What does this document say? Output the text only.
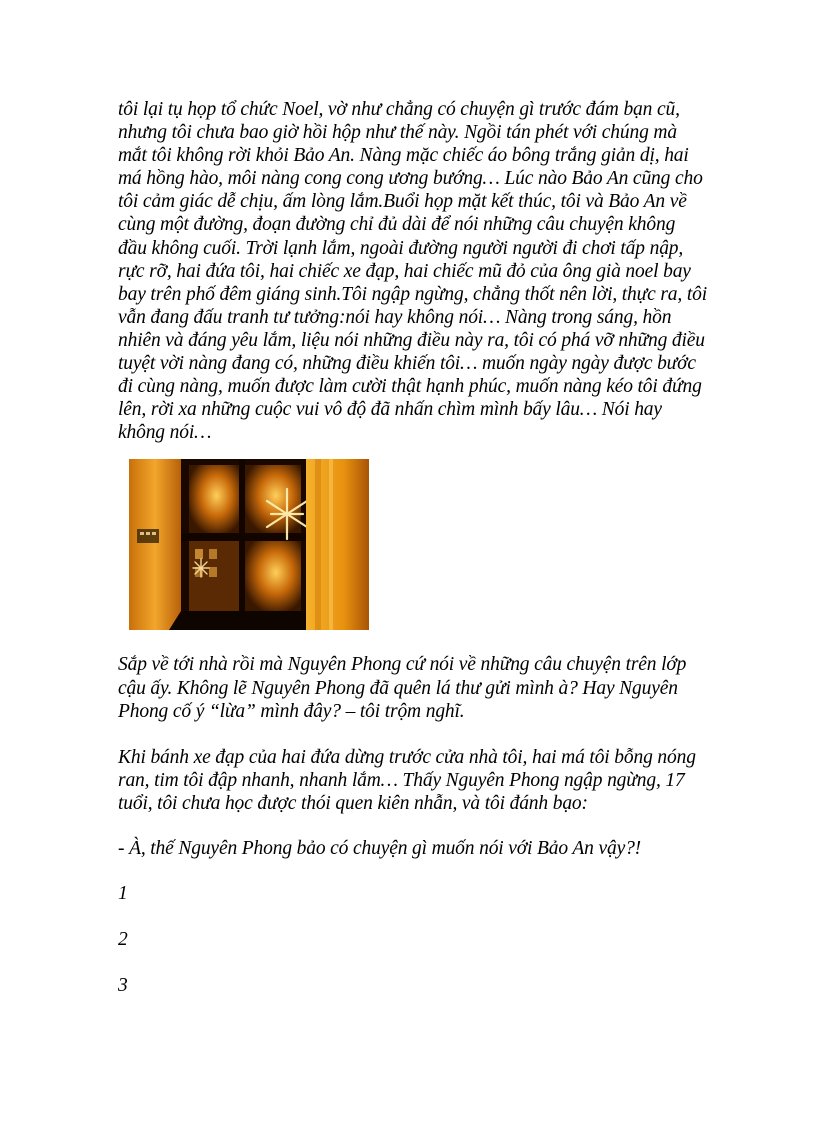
tôi lại tụ họp tổ chức Noel, vờ như chẳng có chuyện gì trước đám bạn cũ, nhưng tôi chưa bao giờ hồi hộp như thế này. Ngồi tán phét với chúng mà mắt tôi không rời khỏi Bảo An. Nàng mặc chiếc áo bông trắng giản dị, hai má hồng hào, môi nàng cong cong ương bướng… Lúc nào Bảo An cũng cho tôi cảm giác dễ chịu, ấm lòng lắm.Buổi họp mặt kết thúc, tôi và Bảo An về cùng một đường, đoạn đường chỉ đủ dài để nói những câu chuyện không đầu không cuối. Trời lạnh lắm, ngoài đường người người đi chơi tấp nập, rực rỡ, hai đứa tôi, hai chiếc xe đạp, hai chiếc mũ đỏ của ông già noel bay bay trên phố đêm giáng sinh.Tôi ngập ngừng, chẳng thốt nên lời, thực ra, tôi vẫn đang đấu tranh tư tưởng:nói hay không nói… Nàng trong sáng, hồn nhiên và đáng yêu lắm, liệu nói những điều này ra, tôi có phá vỡ những điều tuyệt vời nàng đang có, những điều khiến tôi… muốn ngày ngày được bước đi cùng nàng, muốn được làm cười thật hạnh phúc, muốn nàng kéo tôi đứng lên, rời xa những cuộc vui vô độ đã nhấn chìm mình bấy lâu… Nói hay không nói…

Sắp về tới nhà rồi mà Nguyên Phong cứ nói về những câu chuyện trên lớp cậu ấy. Không lẽ Nguyên Phong đã quên lá thư gửi mình à? Hay Nguyên Phong cố ý “lừa” mình đây? – tôi trộm nghĩ.

Khi bánh xe đạp của hai đứa dừng trước cửa nhà tôi, hai má tôi bỗng nóng ran, tim tôi đập nhanh, nhanh lắm… Thấy Nguyên Phong ngập ngừng, 17 tuổi, tôi chưa học được thói quen kiên nhẫn, và tôi đánh bạo:

- À, thế Nguyên Phong bảo có chuyện gì muốn nói với Bảo An vậy?!

1

2

3
